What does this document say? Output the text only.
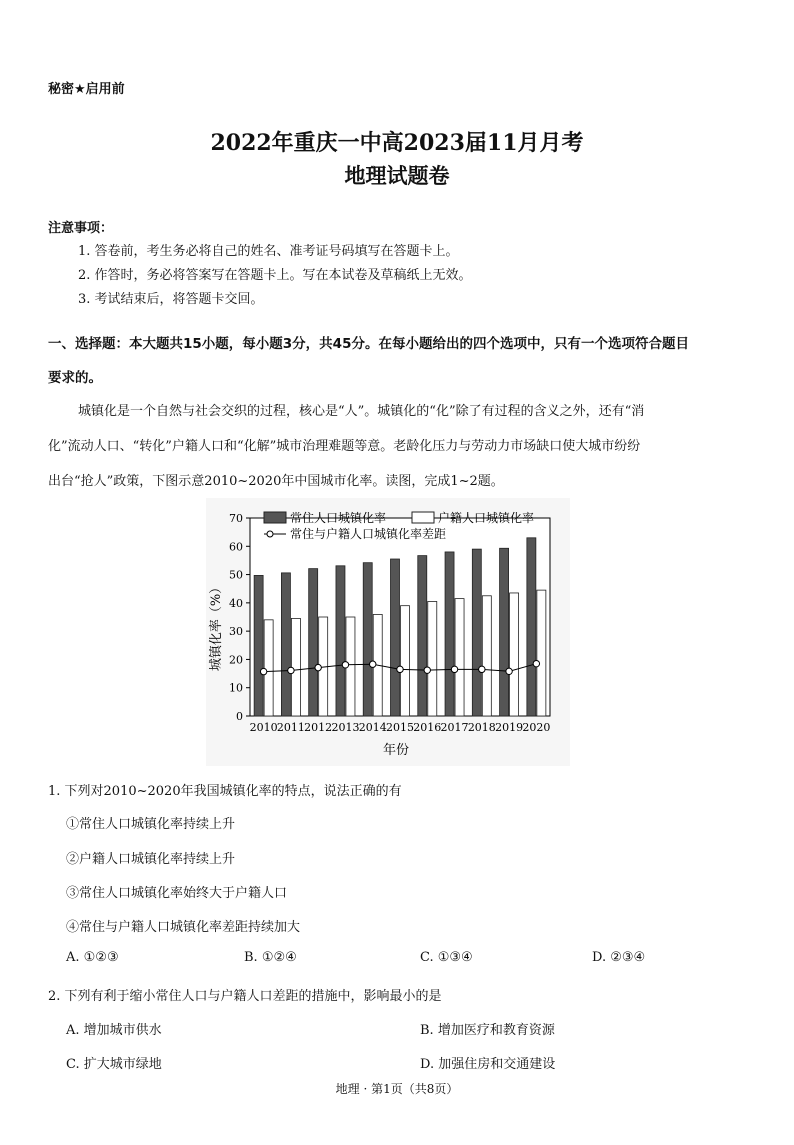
秘密★启用前
2022年重庆一中高2023届11月月考
地理试题卷
注意事项：
1. 答卷前，考生务必将自己的姓名、准考证号码填写在答题卡上。
2. 作答时，务必将答案写在答题卡上。写在本试卷及草稿纸上无效。
3. 考试结束后，将答题卡交回。
一、选择题：本大题共15小题，每小题3分，共45分。在每小题给出的四个选项中，只有一个选项符合题目
要求的。
城镇化是一个自然与社会交织的过程，核心是“人”。城镇化的“化”除了有过程的含义之外，还有“消
化”流动人口、“转化”户籍人口和“化解”城市治理难题等意。老龄化压力与劳动力市场缺口使大城市纷纷
出台“抢人”政策，下图示意2010~2020年中国城市化率。读图，完成1~2题。
0
10
20
30
40
50
60
70
2010 2011 2012 2013 2014 2015 2016 2017 2018 2019 2020
常住人口城镇化率	户籍人口城镇化率
常住与户籍人口城镇化率差距
城镇化率（%）
年份
1. 下列对2010~2020年我国城镇化率的特点，说法正确的有
①常住人口城镇化率持续上升
②户籍人口城镇化率持续上升
③常住人口城镇化率始终大于户籍人口
④常住与户籍人口城镇化率差距持续加大
A. ①②③	B. ①②④	C. ①③④	D. ②③④
2. 下列有利于缩小常住人口与户籍人口差距的措施中，影响最小的是
A. 增加城市供水	B. 增加医疗和教育资源
C. 扩大城市绿地	D. 加强住房和交通建设
地理 · 第1页（共8页）
